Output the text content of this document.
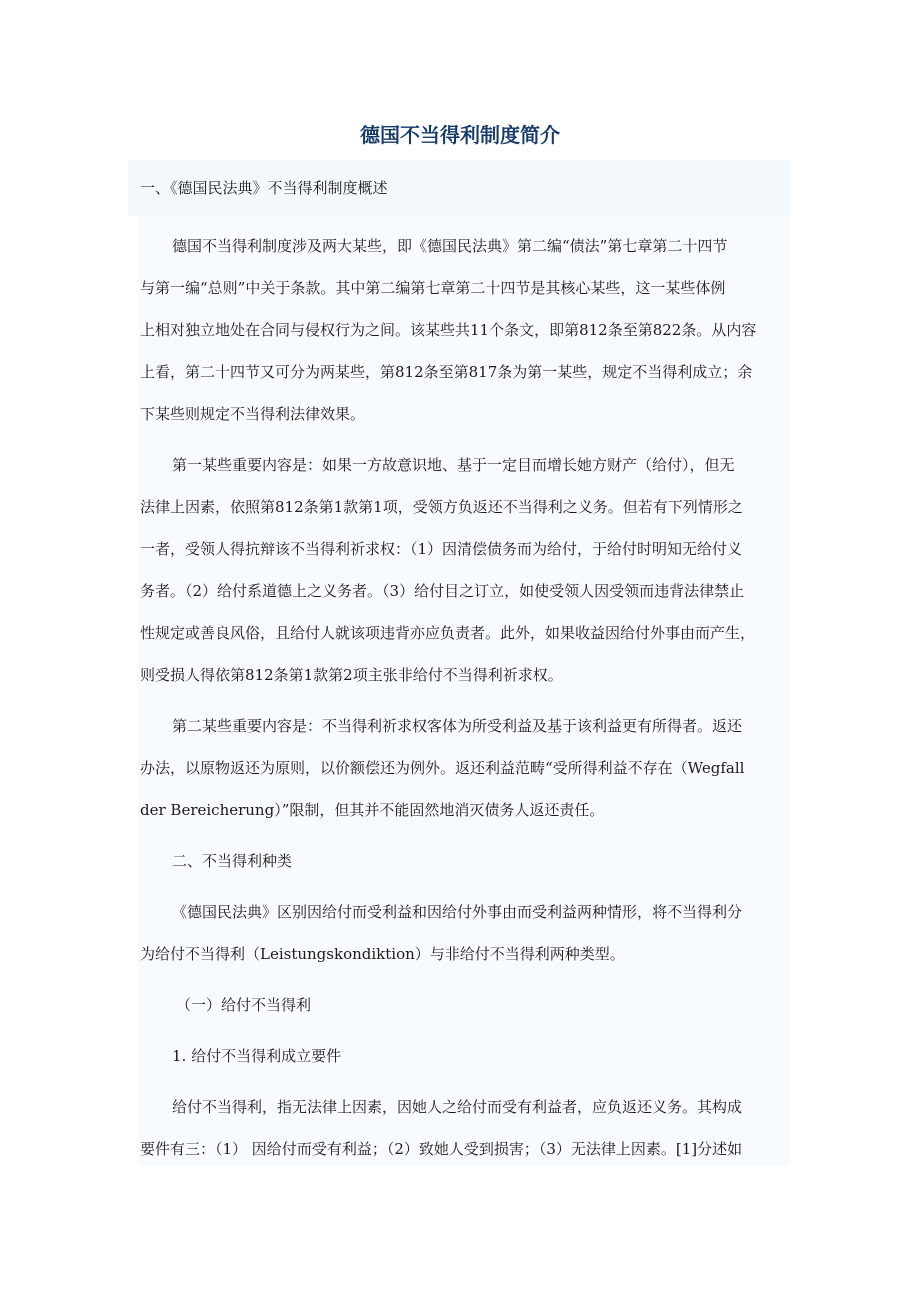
德国不当得利制度简介
一、《德国民法典》不当得利制度概述
德国不当得利制度涉及两大某些，即《德国民法典》第二编“债法”第七章第二十四节
与第一编“总则”中关于条款。其中第二编第七章第二十四节是其核心某些，这一某些体例
上相对独立地处在合同与侵权行为之间。该某些共11个条文，即第812条至第822条。从内容
上看，第二十四节又可分为两某些，第812条至第817条为第一某些，规定不当得利成立；余
下某些则规定不当得利法律效果。
第一某些重要内容是：如果一方故意识地、基于一定目而增长她方财产（给付），但无
法律上因素，依照第812条第1款第1项，受领方负返还不当得利之义务。但若有下列情形之
一者，受领人得抗辩该不当得利祈求权：（1）因清偿债务而为给付，于给付时明知无给付义
务者。（2）给付系道德上之义务者。（3）给付目之订立，如使受领人因受领而违背法律禁止
性规定或善良风俗，且给付人就该项违背亦应负责者。此外，如果收益因给付外事由而产生，
则受损人得依第812条第1款第2项主张非给付不当得利祈求权。
第二某些重要内容是：不当得利祈求权客体为所受利益及基于该利益更有所得者。返还
办法，以原物返还为原则，以价额偿还为例外。返还利益范畴“受所得利益不存在（Wegfall
der Bereicherung）”限制，但其并不能固然地消灭债务人返还责任。
二、不当得利种类
《德国民法典》区别因给付而受利益和因给付外事由而受利益两种情形，将不当得利分
为给付不当得利（Leistungskondiktion）与非给付不当得利两种类型。
（一）给付不当得利
1. 给付不当得利成立要件
给付不当得利，指无法律上因素，因她人之给付而受有利益者，应负返还义务。其构成
要件有三：（1） 因给付而受有利益；（2）致她人受到损害；（3）无法律上因素。[1]分述如
